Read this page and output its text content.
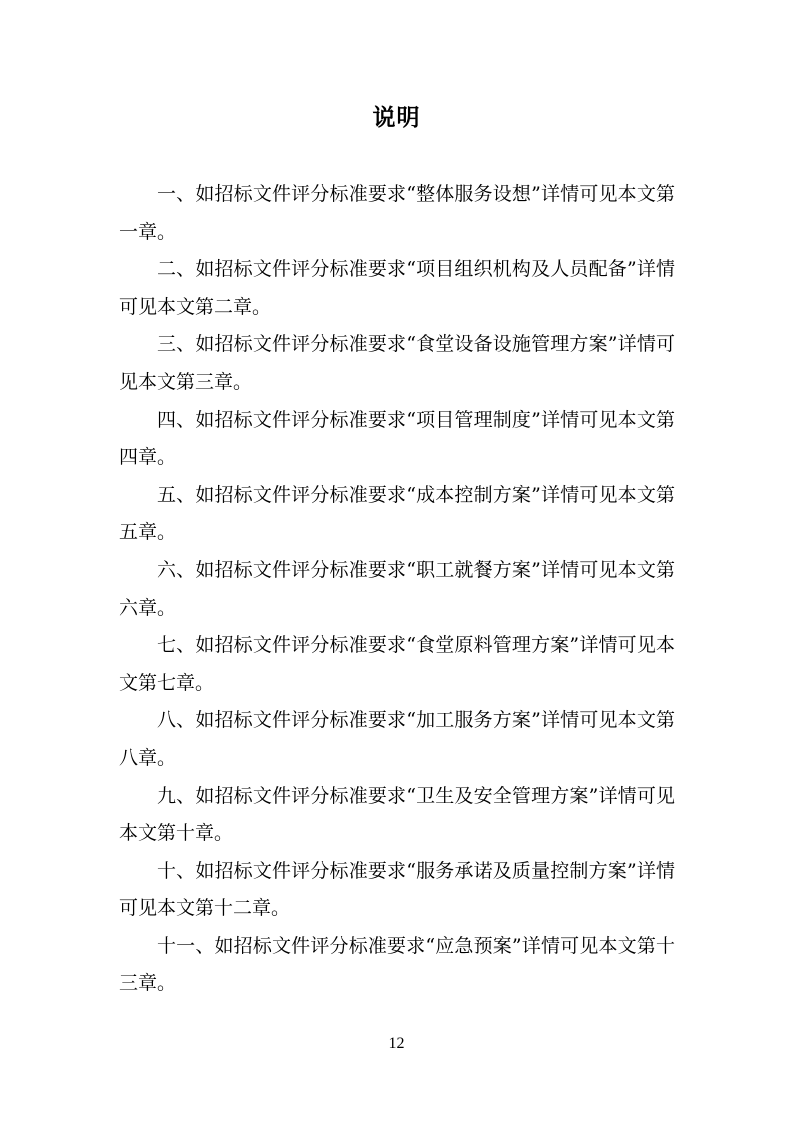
说明

一、如招标文件评分标准要求“整体服务设想”详情可见本文第一章。

二、如招标文件评分标准要求“项目组织机构及人员配备”详情可见本文第二章。

三、如招标文件评分标准要求“食堂设备设施管理方案”详情可见本文第三章。

四、如招标文件评分标准要求“项目管理制度”详情可见本文第四章。

五、如招标文件评分标准要求“成本控制方案”详情可见本文第五章。

六、如招标文件评分标准要求“职工就餐方案”详情可见本文第六章。

七、如招标文件评分标准要求“食堂原料管理方案”详情可见本文第七章。

八、如招标文件评分标准要求“加工服务方案”详情可见本文第八章。

九、如招标文件评分标准要求“卫生及安全管理方案”详情可见本文第十章。

十、如招标文件评分标准要求“服务承诺及质量控制方案”详情可见本文第十二章。

十一、如招标文件评分标准要求“应急预案”详情可见本文第十三章。

12
